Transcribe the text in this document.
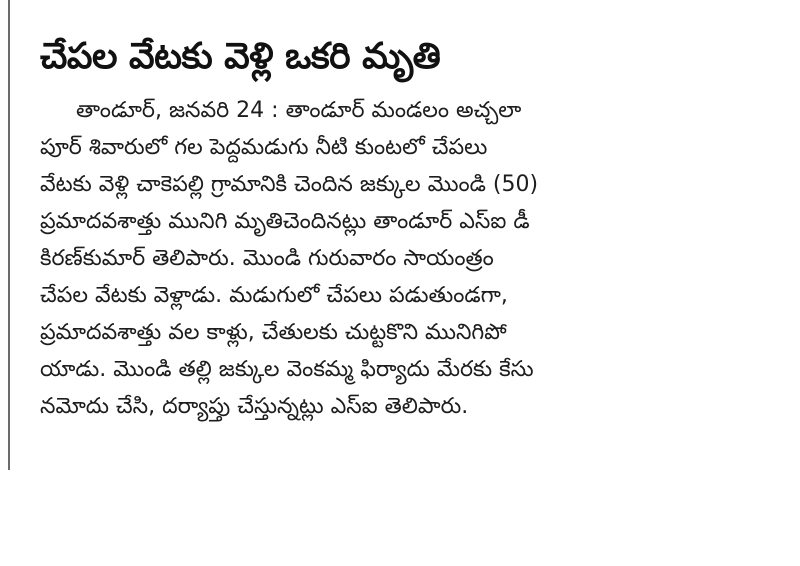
చేపల వేటకు వెళ్లి ఒకరి మృతి
తాండూర్, జనవరి 24 : తాండూర్ మండలం అచ్చలా
పూర్ శివారులో గల పెద్దమడుగు నీటి కుంటలో చేపలు
వేటకు వెళ్లి చాకెపల్లి గ్రామానికి చెందిన జక్కుల మొండి (50)
ప్రమాదవశాత్తు మునిగి మృతిచెందినట్లు తాండూర్ ఎస్ఐ డీ
కిరణ్‌కుమార్ తెలిపారు. మొండి గురువారం సాయంత్రం
చేపల వేటకు వెళ్లాడు. మడుగులో చేపలు పడుతుండగా,
ప్రమాదవశాత్తు వల కాళ్లు, చేతులకు చుట్టకొని మునిగిపో
యాడు. మొండి తల్లి జక్కుల వెంకమ్మ ఫిర్యాదు మేరకు కేసు
నమోదు చేసి, దర్యాప్తు చేస్తున్నట్లు ఎస్ఐ తెలిపారు.
